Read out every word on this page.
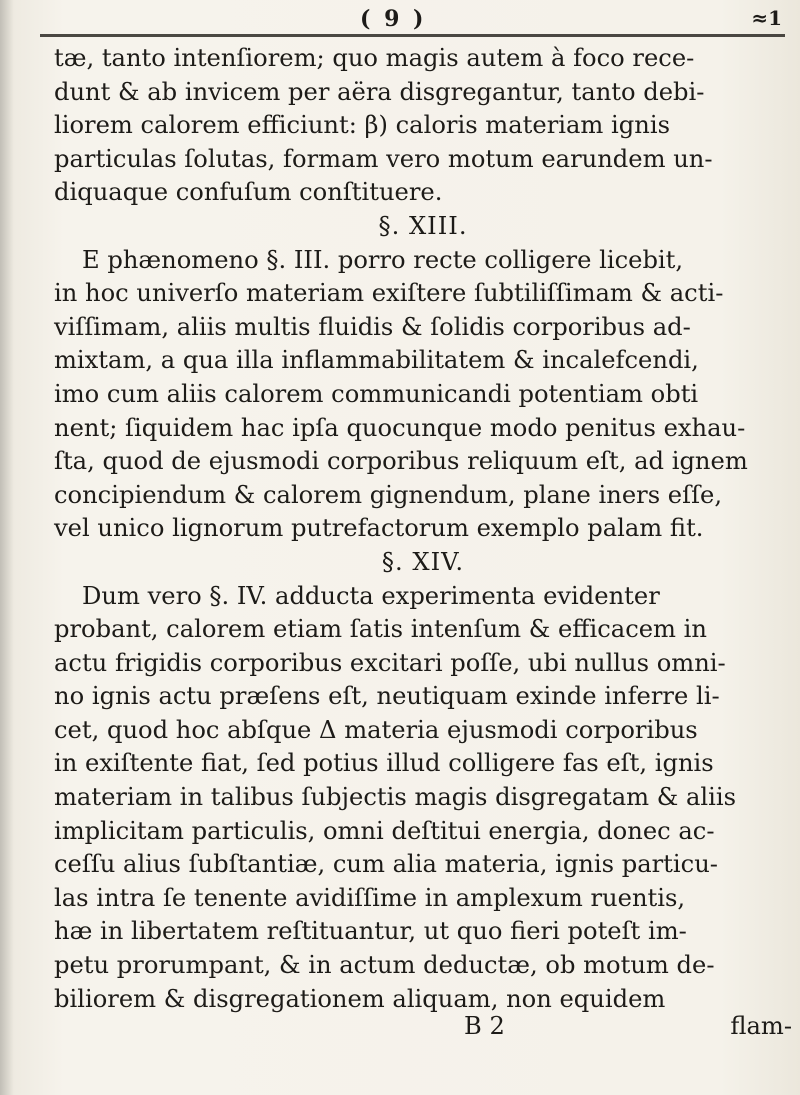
( 9 )	≈1
tæ, tanto intenſiorem; quo magis autem à foco rece-
dunt & ab invicem per aëra disgregantur, tanto debi-
liorem calorem efficiunt: β) caloris materiam ignis
particulas ſolutas, formam vero motum earundem un-
diquaque confuſum conſtituere.
§. XIII.
E phænomeno §. III. porro recte colligere licebit,
in hoc univerſo materiam exiſtere ſubtiliſſimam & acti-
viſſimam, aliis multis fluidis & ſolidis corporibus ad-
mixtam, a qua illa inflammabilitatem & incalefcendi,
imo cum aliis calorem communicandi potentiam obti
nent; ſiquidem hac ipſa quocunque modo penitus exhau-
ſta, quod de ejusmodi corporibus reliquum eſt, ad ignem
concipiendum & calorem gignendum, plane iners eſſe,
vel unico lignorum putrefactorum exemplo palam fit.
§. XIV.
Dum vero §. IV. adducta experimenta evidenter
probant, calorem etiam ſatis intenſum & efficacem in
actu frigidis corporibus excitari poſſe, ubi nullus omni-
no ignis actu præſens eſt, neutiquam exinde inferre li-
cet, quod hoc abſque Δ materia ejusmodi corporibus
in exiſtente fiat, ſed potius illud colligere fas eſt, ignis
materiam in talibus ſubjectis magis disgregatam & aliis
implicitam particulis, omni deſtitui energia, donec ac-
ceſſu alius ſubſtantiæ, cum alia materia, ignis particu-
las intra ſe tenente avidiſſime in amplexum ruentis,
hæ in libertatem reſtituantur, ut quo fieri poteſt im-
petu prorumpant, & in actum deductæ, ob motum de-
biliorem & disgregationem aliquam, non equidem
B 2	flam-
